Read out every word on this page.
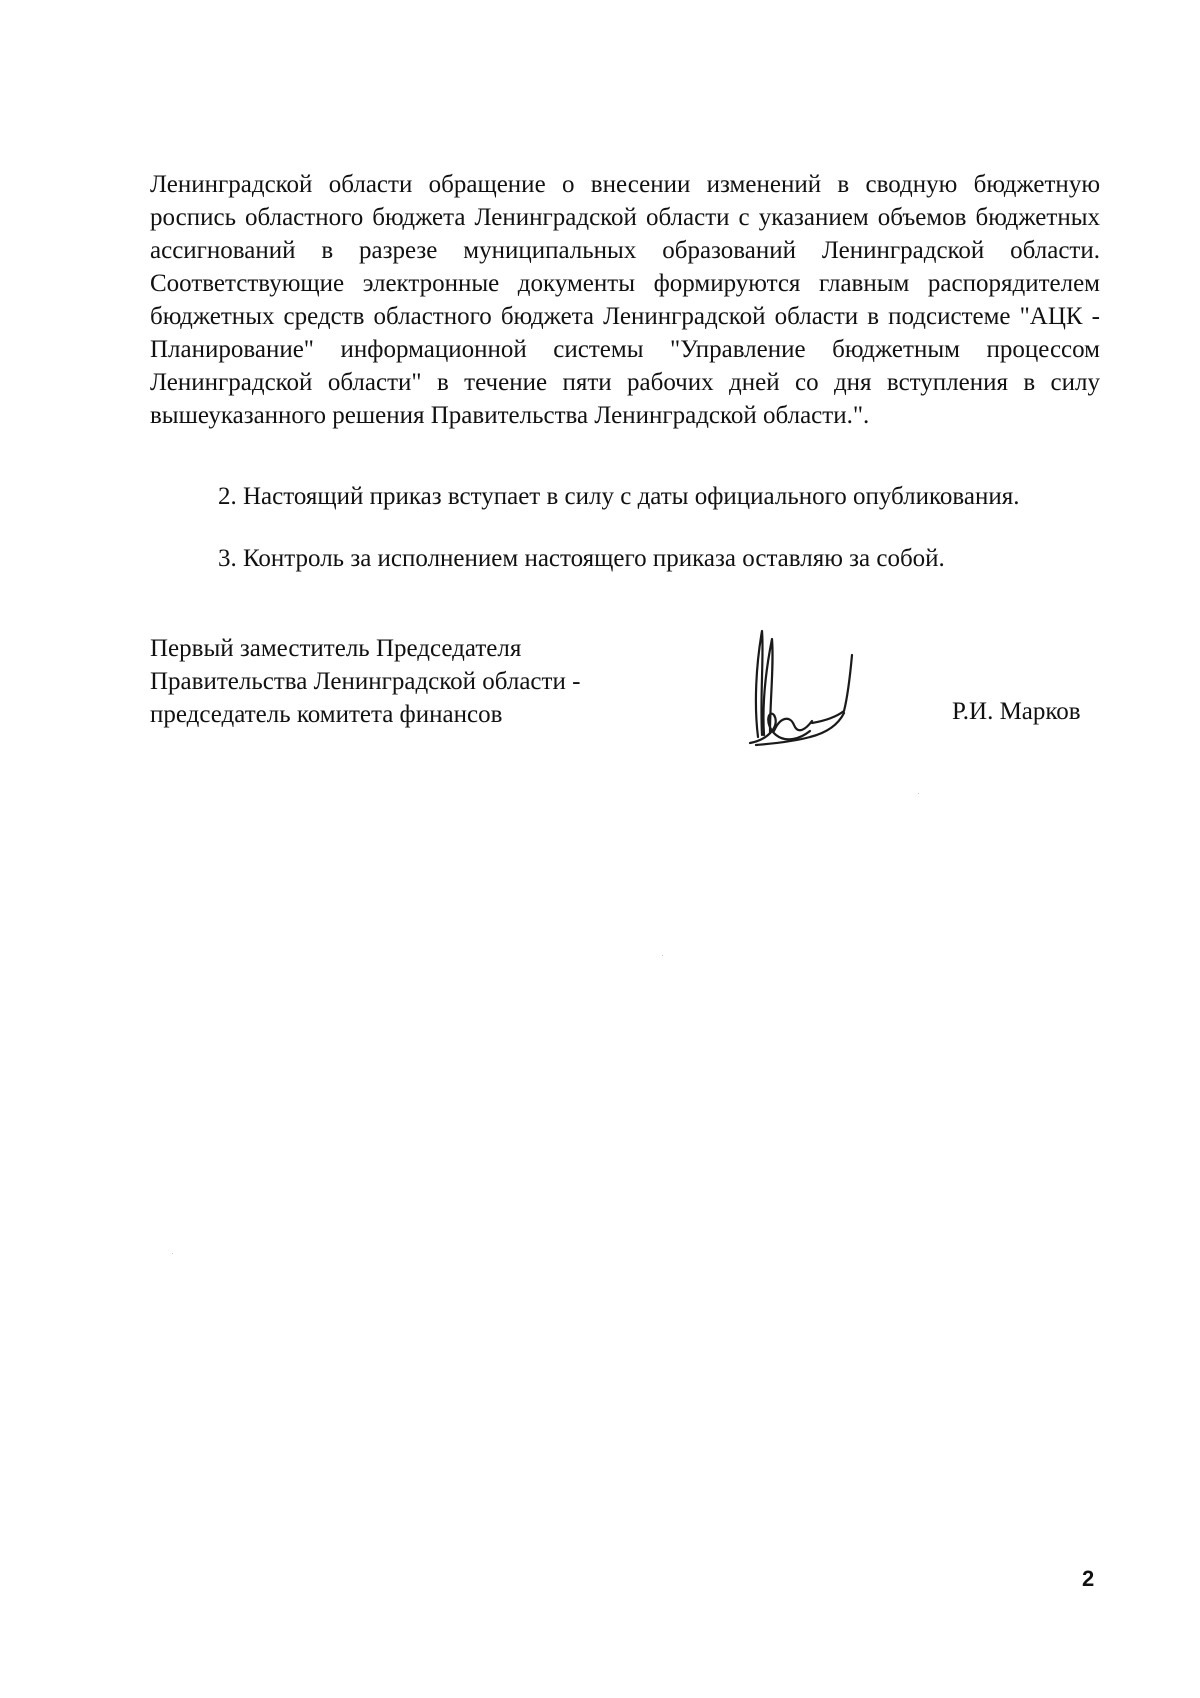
Ленинградской области обращение о внесении изменений в сводную бюджетную роспись областного бюджета Ленинградской области с указанием объемов бюджетных ассигнований в разрезе муниципальных образований Ленинградской области. Соответствующие электронные документы формируются главным распорядителем бюджетных средств областного бюджета Ленинградской области в подсистеме "АЦК - Планирование" информационной системы "Управление бюджетным процессом Ленинградской области" в течение пяти рабочих дней со дня вступления в силу вышеуказанного решения Правительства Ленинградской области.".

2. Настоящий приказ вступает в силу с даты официального опубликования.

3. Контроль за исполнением настоящего приказа оставляю за собой.

Первый заместитель Председателя
Правительства Ленинградской области -
председатель комитета финансов	Р.И. Марков
2
